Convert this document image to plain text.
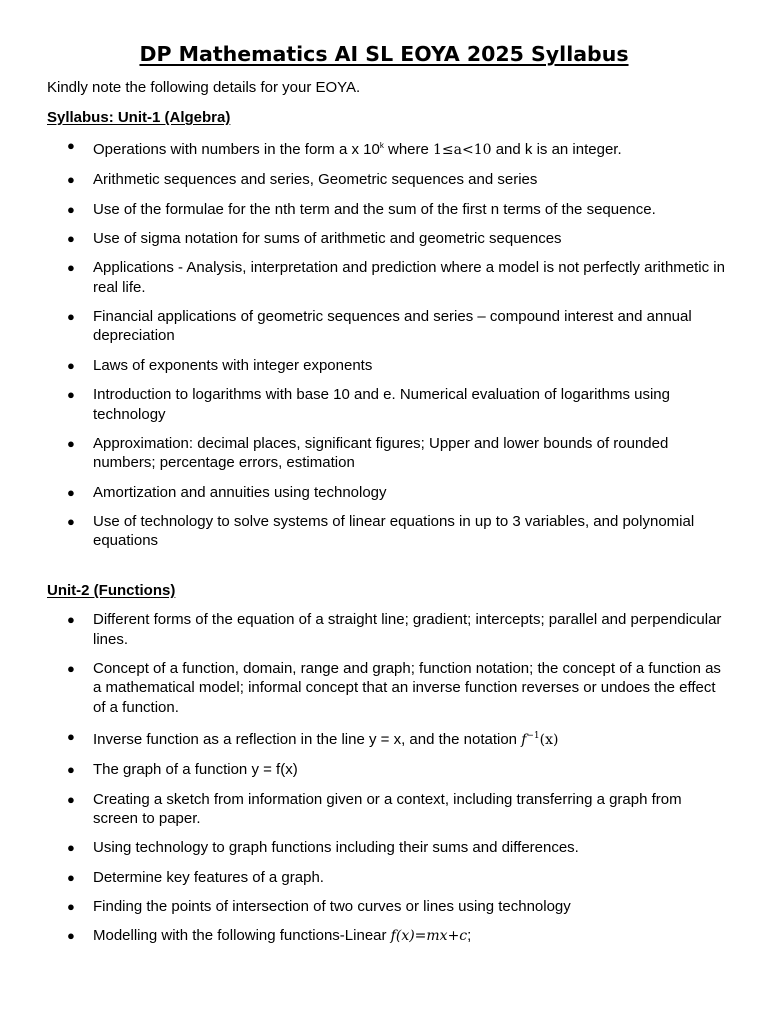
DP Mathematics AI SL EOYA 2025 Syllabus

Kindly note the following details for your EOYA.

Syllabus: Unit-1 (Algebra)

● Operations with numbers in the form a x 10$^k$ where 1≤a<10 and k is an integer.
● Arithmetic sequences and series, Geometric sequences and series
● Use of the formulae for the nth term and the sum of the first n terms of the sequence.
● Use of sigma notation for sums of arithmetic and geometric sequences
● Applications - Analysis, interpretation and prediction where a model is not perfectly arithmetic in real life.
● Financial applications of geometric sequences and series – compound interest and annual depreciation
● Laws of exponents with integer exponents
● Introduction to logarithms with base 10 and e. Numerical evaluation of logarithms using technology
● Approximation: decimal places, significant figures; Upper and lower bounds of rounded numbers; percentage errors, estimation
● Amortization and annuities using technology
● Use of technology to solve systems of linear equations in up to 3 variables, and polynomial equations

Unit-2 (Functions)

● Different forms of the equation of a straight line; gradient; intercepts; parallel and perpendicular lines.
● Concept of a function, domain, range and graph; function notation; the concept of a function as a mathematical model; informal concept that an inverse function reverses or undoes the effect of a function.
● Inverse function as a reflection in the line y = x, and the notation $f^{-1}(x)$
● The graph of a function y = f(x)
● Creating a sketch from information given or a context, including transferring a graph from screen to paper.
● Using technology to graph functions including their sums and differences.
● Determine key features of a graph.
● Finding the points of intersection of two curves or lines using technology
● Modelling with the following functions-Linear f(x)=mx+c;
